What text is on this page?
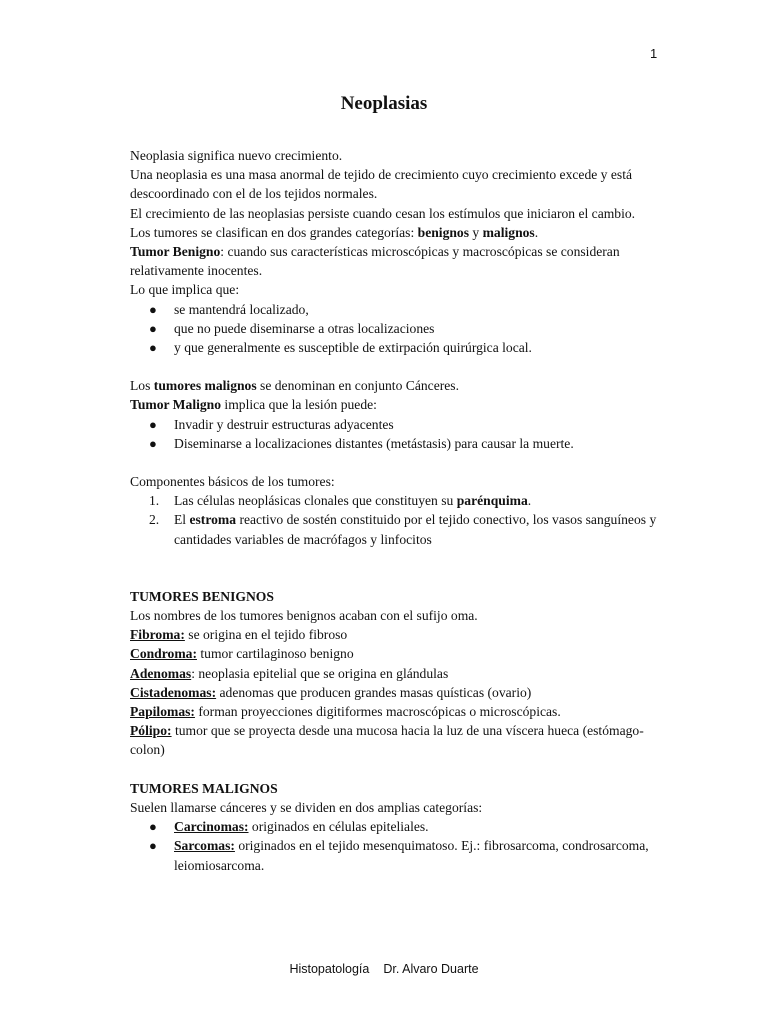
1
Neoplasias

Neoplasia significa nuevo crecimiento.

Una neoplasia es una masa anormal de tejido de crecimiento cuyo crecimiento excede y está descoordinado con el de los tejidos normales.

El crecimiento de las neoplasias persiste cuando cesan los estímulos que iniciaron el cambio.

Los tumores se clasifican en dos grandes categorías: benignos y malignos.

Tumor Benigno: cuando sus características microscópicas y macroscópicas se consideran relativamente inocentes.

Lo que implica que:

● se mantendrá localizado,
● que no puede diseminarse a otras localizaciones
● y que generalmente es susceptible de extirpación quirúrgica local.

Los tumores malignos se denominan en conjunto Cánceres.

Tumor Maligno implica que la lesión puede:

● Invadir y destruir estructuras adyacentes
● Diseminarse a localizaciones distantes (metástasis) para causar la muerte.

Componentes básicos de los tumores:

1. Las células neoplásicas clonales que constituyen su parénquima.
2. El estroma reactivo de sostén constituido por el tejido conectivo, los vasos sanguíneos y cantidades variables de macrófagos y linfocitos

TUMORES BENIGNOS

Los nombres de los tumores benignos acaban con el sufijo oma.

Fibroma: se origina en el tejido fibroso

Condroma: tumor cartilaginoso benigno

Adenomas: neoplasia epitelial que se origina en glándulas

Cistadenomas: adenomas que producen grandes masas quísticas (ovario)

Papilomas: forman proyecciones digitiformes macroscópicas o microscópicas.

Pólipo: tumor que se proyecta desde una mucosa hacia la luz de una víscera hueca (estómago-colon)

TUMORES MALIGNOS

Suelen llamarse cánceres y se dividen en dos amplias categorías:

● Carcinomas: originados en células epiteliales.
● Sarcomas: originados en el tejido mesenquimatoso. Ej.: fibrosarcoma, condrosarcoma, leiomiosarcoma.
Histopatología Dr. Alvaro Duarte
